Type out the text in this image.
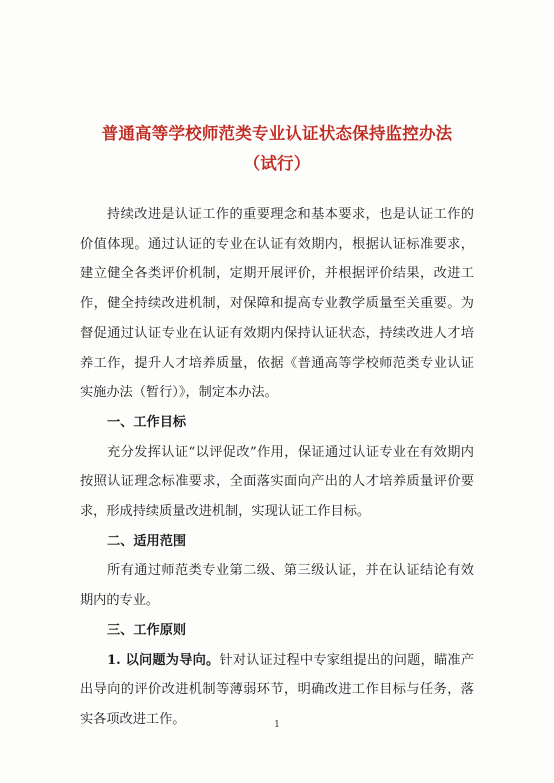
普通高等学校师范类专业认证状态保持监控办法
（试行）

持续改进是认证工作的重要理念和基本要求，也是认证工作的价值体现。通过认证的专业在认证有效期内，根据认证标准要求，建立健全各类评价机制，定期开展评价，并根据评价结果，改进工作，健全持续改进机制，对保障和提高专业教学质量至关重要。为督促通过认证专业在认证有效期内保持认证状态，持续改进人才培养工作，提升人才培养质量，依据《普通高等学校师范类专业认证实施办法（暂行）》，制定本办法。

一、工作目标

充分发挥认证“以评促改”作用，保证通过认证专业在有效期内按照认证理念标准要求，全面落实面向产出的人才培养质量评价要求，形成持续质量改进机制，实现认证工作目标。

二、适用范围

所有通过师范类专业第二级、第三级认证，并在认证结论有效期内的专业。

三、工作原则

1. 以问题为导向。针对认证过程中专家组提出的问题，瞄准产出导向的评价改进机制等薄弱环节，明确改进工作目标与任务，落实各项改进工作。	1
